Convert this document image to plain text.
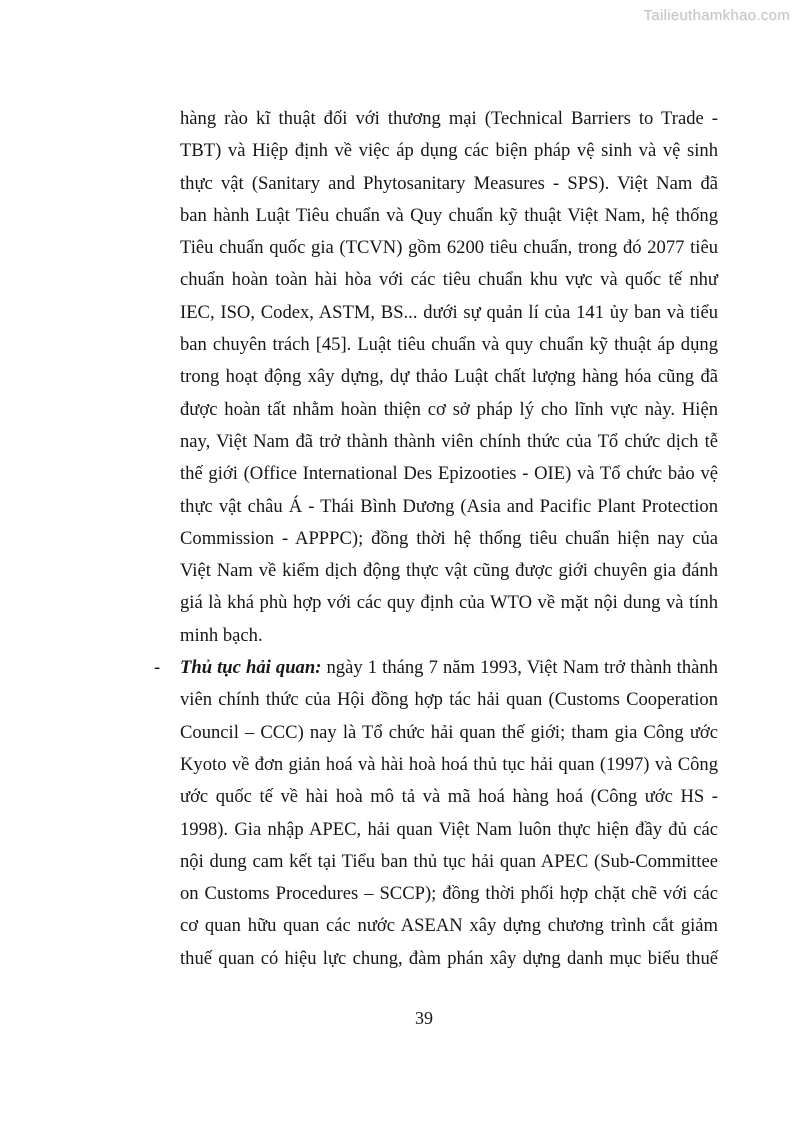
Tailieuthamkhao.com
hàng rào kĩ thuật đối với thương mại (Technical Barriers to Trade -
TBT) và Hiệp định về việc áp dụng các biện pháp vệ sinh và vệ sinh
thực vật (Sanitary and Phytosanitary Measures - SPS). Việt Nam đã
ban hành Luật Tiêu chuẩn và Quy chuẩn kỹ thuật Việt Nam, hệ thống
Tiêu chuẩn quốc gia (TCVN) gồm 6200 tiêu chuẩn, trong đó 2077 tiêu
chuẩn hoàn toàn hài hòa với các tiêu chuẩn khu vực và quốc tế như
IEC, ISO, Codex, ASTM, BS... dưới sự quản lí của 141 ủy ban và tiểu
ban chuyên trách [45]. Luật tiêu chuẩn và quy chuẩn kỹ thuật áp dụng
trong hoạt động xây dựng, dự thảo Luật chất lượng hàng hóa cũng đã
được hoàn tất nhằm hoàn thiện cơ sở pháp lý cho lĩnh vực này. Hiện
nay, Việt Nam đã trở thành thành viên chính thức của Tổ chức dịch tễ
thế giới (Office International Des Epizooties - OIE) và Tổ chức bảo vệ
thực vật châu Á - Thái Bình Dương (Asia and Pacific Plant Protection
Commission - APPPC); đồng thời hệ thống tiêu chuẩn hiện nay của
Việt Nam về kiểm dịch động thực vật cũng được giới chuyên gia đánh
giá là khá phù hợp với các quy định của WTO về mặt nội dung và tính
minh bạch.
- Thủ tục hải quan: ngày 1 tháng 7 năm 1993, Việt Nam trở thành thành
viên chính thức của Hội đồng hợp tác hải quan (Customs Cooperation
Council – CCC) nay là Tổ chức hải quan thế giới; tham gia Công ước
Kyoto về đơn giản hoá và hài hoà hoá thủ tục hải quan (1997) và Công
ước quốc tế về hài hoà mô tả và mã hoá hàng hoá (Công ước HS -
1998). Gia nhập APEC, hải quan Việt Nam luôn thực hiện đầy đủ các
nội dung cam kết tại Tiểu ban thủ tục hải quan APEC (Sub-Committee
on Customs Procedures – SCCP); đồng thời phối hợp chặt chẽ với các
cơ quan hữu quan các nước ASEAN xây dựng chương trình cắt giảm
thuế quan có hiệu lực chung, đàm phán xây dựng danh mục biểu thuế
39
